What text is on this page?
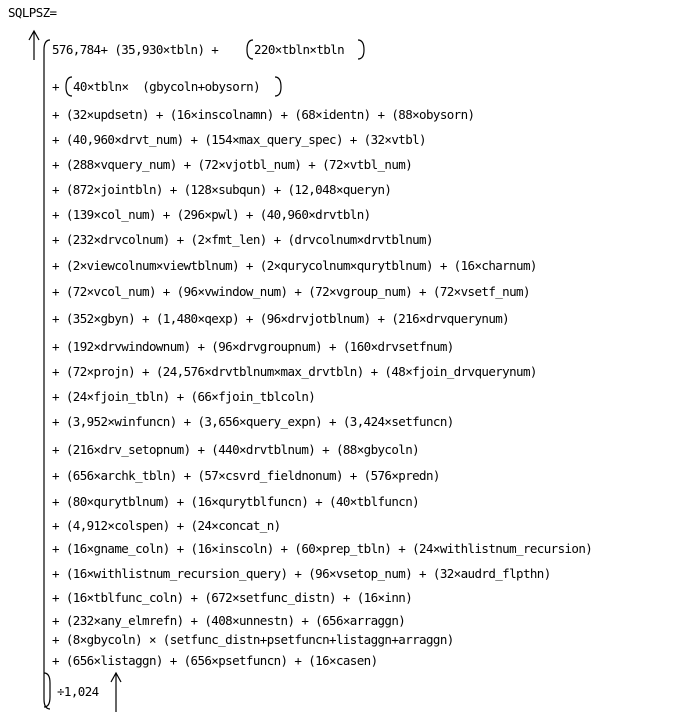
SQLPSZ=
576,784+ (35,930×tbln) +	220×tbln×tbln
+ 40×tbln×  (gbycoln+obysorn)
+ (32×updsetn) + (16×inscolnamn) + (68×identn) + (88×obysorn)
+ (40,960×drvt_num) + (154×max_query_spec) + (32×vtbl)
+ (288×vquery_num) + (72×vjotbl_num) + (72×vtbl_num)
+ (872×jointbln) + (128×subqun) + (12,048×queryn)
+ (139×col_num) + (296×pwl) + (40,960×drvtbln)
+ (232×drvcolnum) + (2×fmt_len) + (drvcolnum×drvtblnum)
+ (2×viewcolnum×viewtblnum) + (2×qurycolnum×qurytblnum) + (16×charnum)
+ (72×vcol_num) + (96×vwindow_num) + (72×vgroup_num) + (72×vsetf_num)
+ (352×gbyn) + (1,480×qexp) + (96×drvjotblnum) + (216×drvquerynum)
+ (192×drvwindownum) + (96×drvgroupnum) + (160×drvsetfnum)
+ (72×projn) + (24,576×drvtblnum×max_drvtbln) + (48×fjoin_drvquerynum)
+ (24×fjoin_tbln) + (66×fjoin_tblcoln)
+ (3,952×winfuncn) + (3,656×query_expn) + (3,424×setfuncn)
+ (216×drv_setopnum) + (440×drvtblnum) + (88×gbycoln)
+ (656×archk_tbln) + (57×csvrd_fieldnonum) + (576×predn)
+ (80×qurytblnum) + (16×qurytblfuncn) + (40×tblfuncn)
+ (4,912×colspen) + (24×concat_n)
+ (16×gname_coln) + (16×inscoln) + (60×prep_tbln) + (24×withlistnum_recursion)
+ (16×withlistnum_recursion_query) + (96×vsetop_num) + (32×audrd_flpthn)
+ (16×tblfunc_coln) + (672×setfunc_distn) + (16×inn)
+ (232×any_elmrefn) + (408×unnestn) + (656×arraggn)
+ (8×gbycoln) × (setfunc_distn+psetfuncn+listaggn+arraggn)
+ (656×listaggn) + (656×psetfuncn) + (16×casen)
÷1,024
